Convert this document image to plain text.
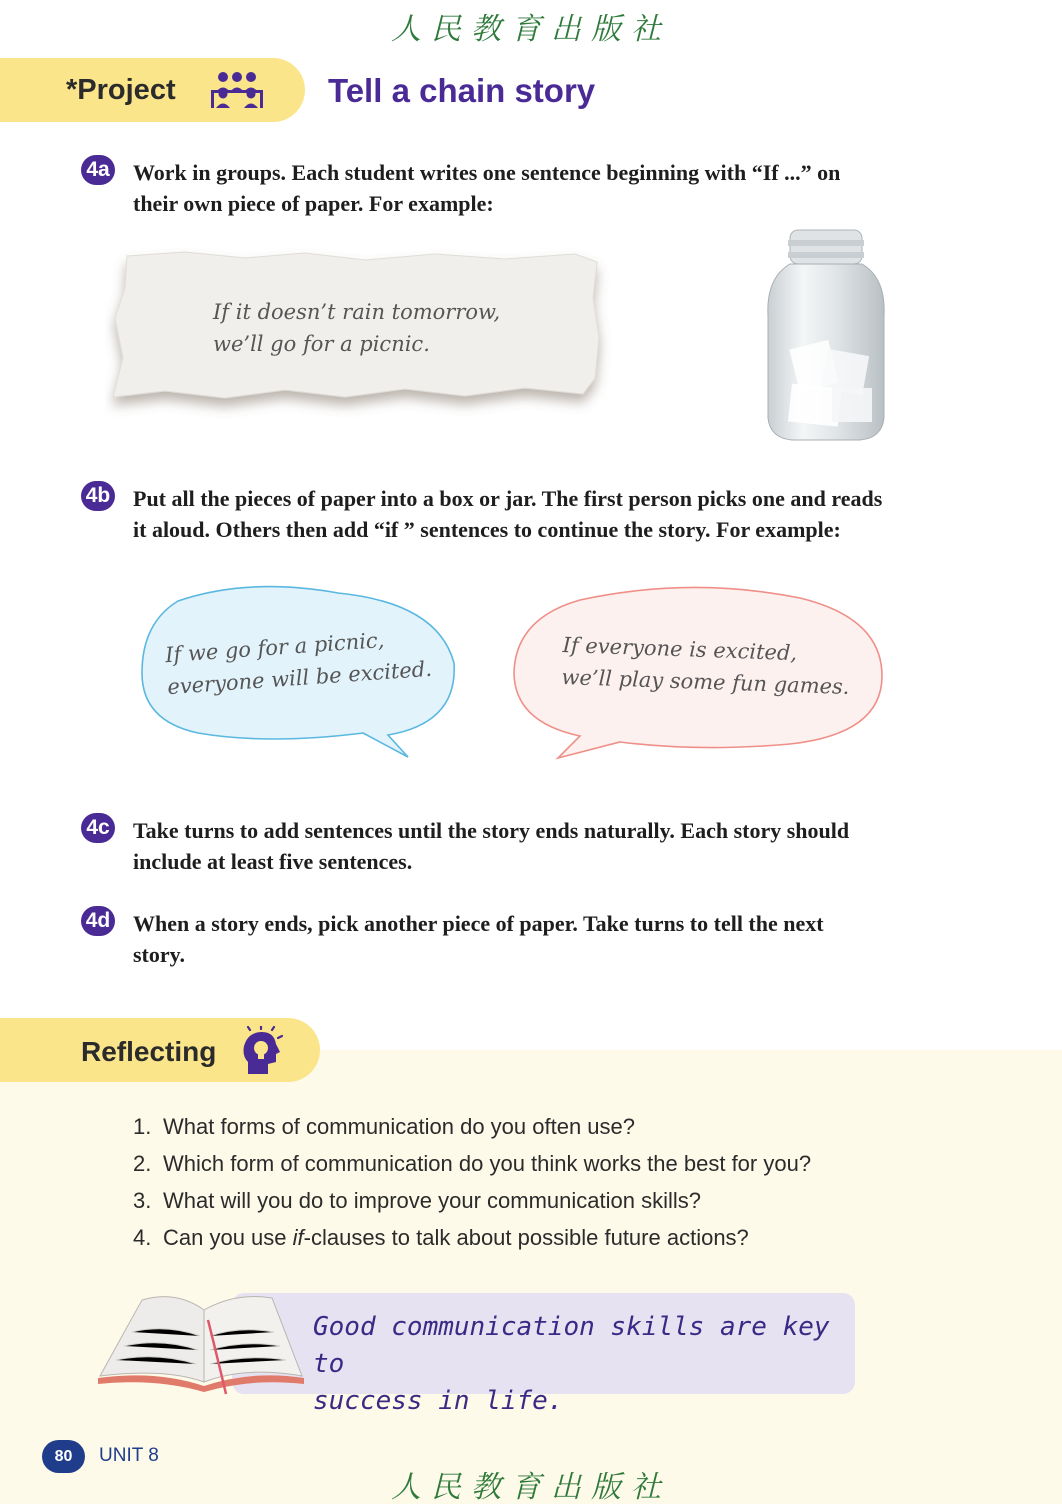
人民教育出版社
*Project	Tell a chain story
4a Work in groups. Each student writes one sentence beginning with “If ...” on
their own piece of paper. For example:
If it doesn’t rain tomorrow,
we’ll go for a picnic.
4b Put all the pieces of paper into a box or jar. The first person picks one and reads
it aloud. Others then add “if ” sentences to continue the story. For example:
If we go for a picnic,
everyone will be excited.
If everyone is excited,
we’ll play some fun games.
4c Take turns to add sentences until the story ends naturally. Each story should
include at least five sentences.
4d When a story ends, pick another piece of paper. Take turns to tell the next
story.
Reflecting
1. What forms of communication do you often use?
2. Which form of communication do you think works the best for you?
3. What will you do to improve your communication skills?
4. Can you use if-clauses to talk about possible future actions?
Good communication skills are key to
success in life.
80	UNIT 8
人民教育出版社
